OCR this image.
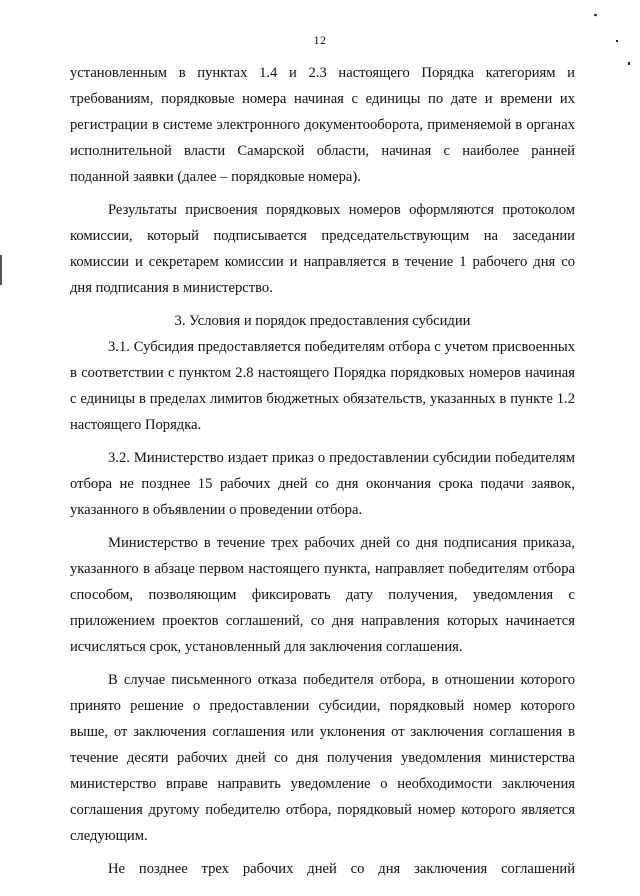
12

установленным в пунктах 1.4 и 2.3 настоящего Порядка категориям и требованиям, порядковые номера начиная с единицы по дате и времени их регистрации в системе электронного документооборота, применяемой в органах исполнительной власти Самарской области, начиная с наиболее ранней поданной заявки (далее – порядковые номера).

Результаты присвоения порядковых номеров оформляются протоколом комиссии, который подписывается председательствующим на заседании комиссии и секретарем комиссии и направляется в течение 1 рабочего дня со дня подписания в министерство.

3. Условия и порядок предоставления субсидии

3.1. Субсидия предоставляется победителям отбора с учетом присвоенных в соответствии с пунктом 2.8 настоящего Порядка порядковых номеров начиная с единицы в пределах лимитов бюджетных обязательств, указанных в пункте 1.2 настоящего Порядка.

3.2. Министерство издает приказ о предоставлении субсидии победителям отбора не позднее 15 рабочих дней со дня окончания срока подачи заявок, указанного в объявлении о проведении отбора.

Министерство в течение трех рабочих дней со дня подписания приказа, указанного в абзаце первом настоящего пункта, направляет победителям отбора способом, позволяющим фиксировать дату получения, уведомления с приложением проектов соглашений, со дня направления которых начинается исчисляться срок, установленный для заключения соглашения.

В случае письменного отказа победителя отбора, в отношении которого принято решение о предоставлении субсидии, порядковый номер которого выше, от заключения соглашения или уклонения от заключения соглашения в течение десяти рабочих дней со дня получения уведомления министерства министерство вправе направить уведомление о необходимости заключения соглашения другому победителю отбора, порядковый номер которого является следующим.

Не позднее трех рабочих дней со дня заключения соглашений
